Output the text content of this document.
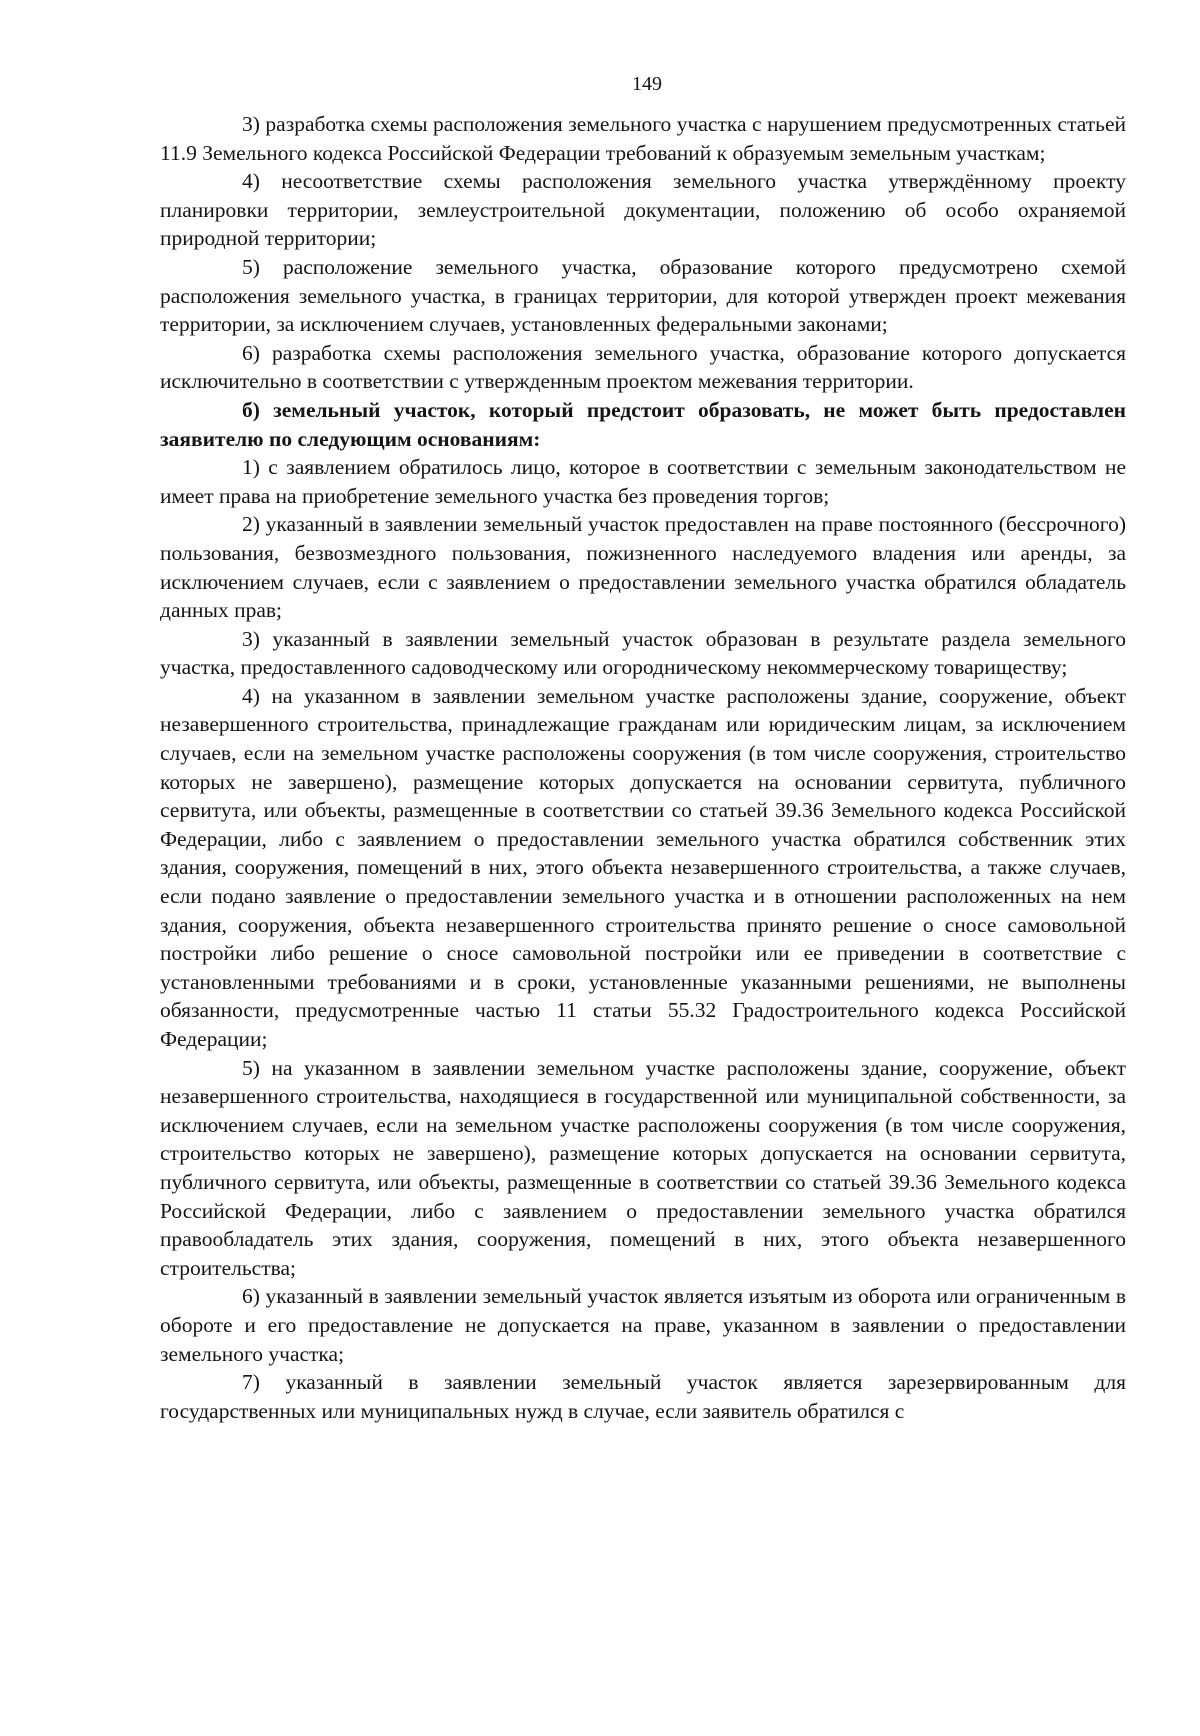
149

3) разработка схемы расположения земельного участка с нарушением предусмотренных статьей 11.9 Земельного кодекса Российской Федерации требований к образуемым земельным участкам;

4) несоответствие схемы расположения земельного участка утверждённому проекту планировки территории, землеустроительной документации, положению об особо охраняемой природной территории;

5) расположение земельного участка, образование которого предусмотрено схемой расположения земельного участка, в границах территории, для которой утвержден проект межевания территории, за исключением случаев, установленных федеральными законами;

6) разработка схемы расположения земельного участка, образование которого допускается исключительно в соответствии с утвержденным проектом межевания территории.

б) земельный участок, который предстоит образовать, не может быть предоставлен заявителю по следующим основаниям:

1) с заявлением обратилось лицо, которое в соответствии с земельным законодательством не имеет права на приобретение земельного участка без проведения торгов;

2) указанный в заявлении земельный участок предоставлен на праве постоянного (бессрочного) пользования, безвозмездного пользования, пожизненного наследуемого владения или аренды, за исключением случаев, если с заявлением о предоставлении земельного участка обратился обладатель данных прав;

3) указанный в заявлении земельный участок образован в результате раздела земельного участка, предоставленного садоводческому или огородническому некоммерческому товариществу;

4) на указанном в заявлении земельном участке расположены здание, сооружение, объект незавершенного строительства, принадлежащие гражданам или юридическим лицам, за исключением случаев, если на земельном участке расположены сооружения (в том числе сооружения, строительство которых не завершено), размещение которых допускается на основании сервитута, публичного сервитута, или объекты, размещенные в соответствии со статьей 39.36 Земельного кодекса Российской Федерации, либо с заявлением о предоставлении земельного участка обратился собственник этих здания, сооружения, помещений в них, этого объекта незавершенного строительства, а также случаев, если подано заявление о предоставлении земельного участка и в отношении расположенных на нем здания, сооружения, объекта незавершенного строительства принято решение о сносе самовольной постройки либо решение о сносе самовольной постройки или ее приведении в соответствие с установленными требованиями и в сроки, установленные указанными решениями, не выполнены обязанности, предусмотренные частью 11 статьи 55.32 Градостроительного кодекса Российской Федерации;

5) на указанном в заявлении земельном участке расположены здание, сооружение, объект незавершенного строительства, находящиеся в государственной или муниципальной собственности, за исключением случаев, если на земельном участке расположены сооружения (в том числе сооружения, строительство которых не завершено), размещение которых допускается на основании сервитута, публичного сервитута, или объекты, размещенные в соответствии со статьей 39.36 Земельного кодекса Российской Федерации, либо с заявлением о предоставлении земельного участка обратился правообладатель этих здания, сооружения, помещений в них, этого объекта незавершенного строительства;

6) указанный в заявлении земельный участок является изъятым из оборота или ограниченным в обороте и его предоставление не допускается на праве, указанном в заявлении о предоставлении земельного участка;

7) указанный в заявлении земельный участок является зарезервированным для государственных или муниципальных нужд в случае, если заявитель обратился с
